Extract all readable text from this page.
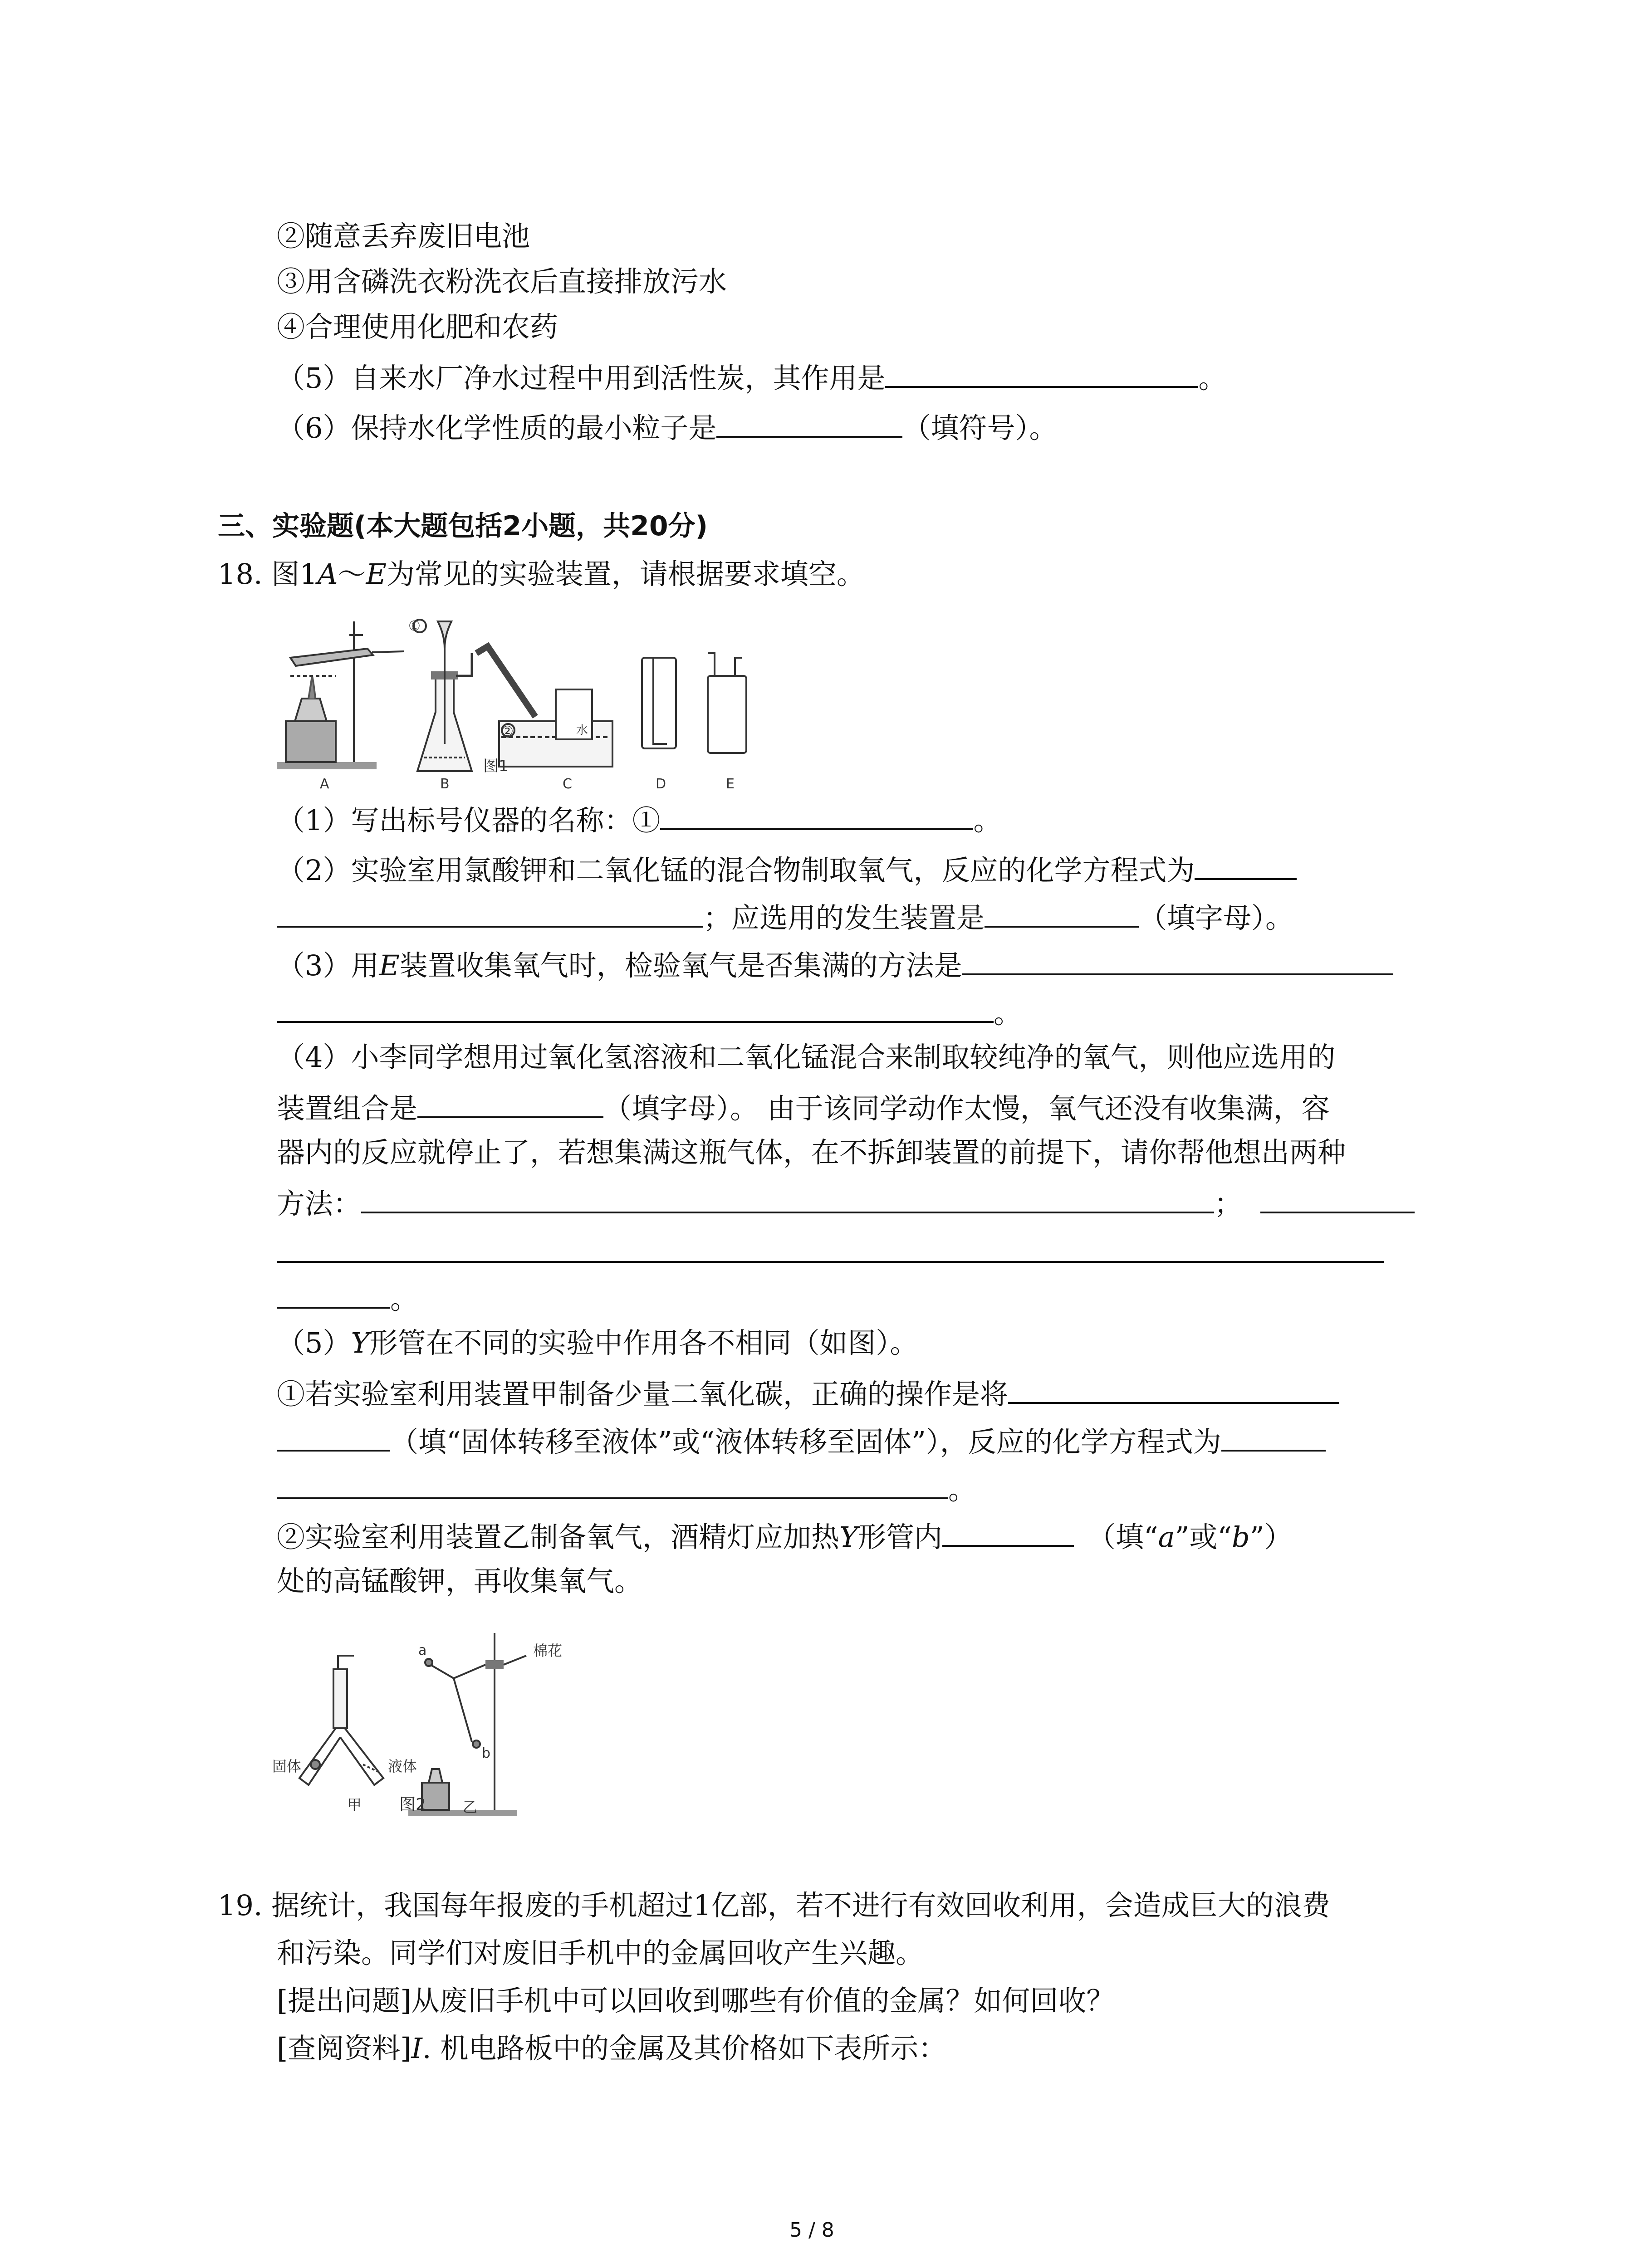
②随意丢弃废旧电池
③用含磷洗衣粉洗衣后直接排放污水
④合理使用化肥和农药
（5）自来水厂净水过程中用到活性炭，其作用是	。
（6）保持水化学性质的最小粒子是	（填符号）。
三、实验题(本大题包括2小题，共20分)
18. 图1A～E为常见的实验装置，请根据要求填空。
A	B	C	D	E
图1
①
②	水
（1）写出标号仪器的名称：①	。
（2）实验室用氯酸钾和二氧化锰的混合物制取氧气，反应的化学方程式为
；应选用的发生装置是	（填字母）。
（3）用E装置收集氧气时，检验氧气是否集满的方法是
。
（4）小李同学想用过氧化氢溶液和二氧化锰混合来制取较纯净的氧气，则他应选用的
装置组合是	（填字母）。 由于该同学动作太慢，氧气还没有收集满，容
器内的反应就停止了，若想集满这瓶气体，在不拆卸装置的前提下，请你帮他想出两种
方法：	；
。
（5）Y形管在不同的实验中作用各不相同（如图）。
①若实验室利用装置甲制备少量二氧化碳，正确的操作是将
（填“固体转移至液体”或“液体转移至固体”），反应的化学方程式为
。
②实验室利用装置乙制备氧气，酒精灯应加热Y形管内	（填“a”或“b”）
处的高锰酸钾，再收集氧气。
固体	液体
甲 图2	乙
棉花
a
b
19. 据统计，我国每年报废的手机超过1亿部，若不进行有效回收利用，会造成巨大的浪费
和污染。同学们对废旧手机中的金属回收产生兴趣。
[提出问题]从废旧手机中可以回收到哪些有价值的金属？如何回收？
[查阅资料]I. 机电路板中的金属及其价格如下表所示：
5 / 8
